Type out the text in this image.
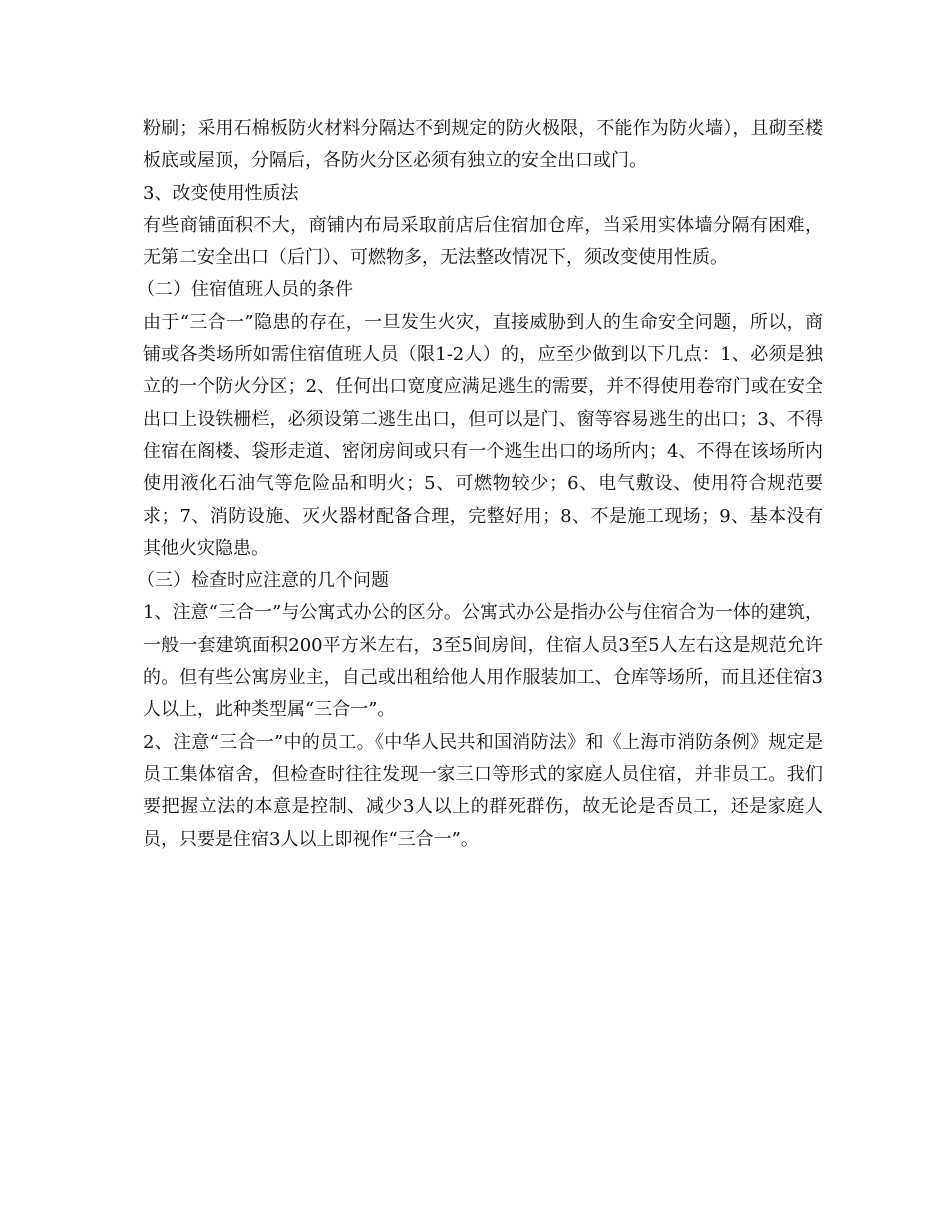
粉刷；采用石棉板防火材料分隔达不到规定的防火极限，不能作为防火墙），且砌至楼板底或屋顶，分隔后，各防火分区必须有独立的安全出口或门。

3、改变使用性质法

有些商铺面积不大，商铺内布局采取前店后住宿加仓库，当采用实体墙分隔有困难，无第二安全出口（后门）、可燃物多，无法整改情况下，须改变使用性质。

（二）住宿值班人员的条件

由于“三合一”隐患的存在，一旦发生火灾，直接威胁到人的生命安全问题，所以，商铺或各类场所如需住宿值班人员（限1-2人）的，应至少做到以下几点：1、必须是独立的一个防火分区；2、任何出口宽度应满足逃生的需要，并不得使用卷帘门或在安全出口上设铁栅栏，必须设第二逃生出口，但可以是门、窗等容易逃生的出口；3、不得住宿在阁楼、袋形走道、密闭房间或只有一个逃生出口的场所内；4、不得在该场所内使用液化石油气等危险品和明火；5、可燃物较少；6、电气敷设、使用符合规范要求；7、消防设施、灭火器材配备合理，完整好用；8、不是施工现场；9、基本没有其他火灾隐患。

（三）检查时应注意的几个问题

1、注意“三合一”与公寓式办公的区分。公寓式办公是指办公与住宿合为一体的建筑，一般一套建筑面积200平方米左右，3至5间房间，住宿人员3至5人左右这是规范允许的。但有些公寓房业主，自己或出租给他人用作服装加工、仓库等场所，而且还住宿3人以上，此种类型属“三合一”。

2、注意“三合一”中的员工。《中华人民共和国消防法》和《上海市消防条例》规定是员工集体宿舍，但检查时往往发现一家三口等形式的家庭人员住宿，并非员工。我们要把握立法的本意是控制、减少3人以上的群死群伤，故无论是否员工，还是家庭人员，只要是住宿3人以上即视作“三合一”。
